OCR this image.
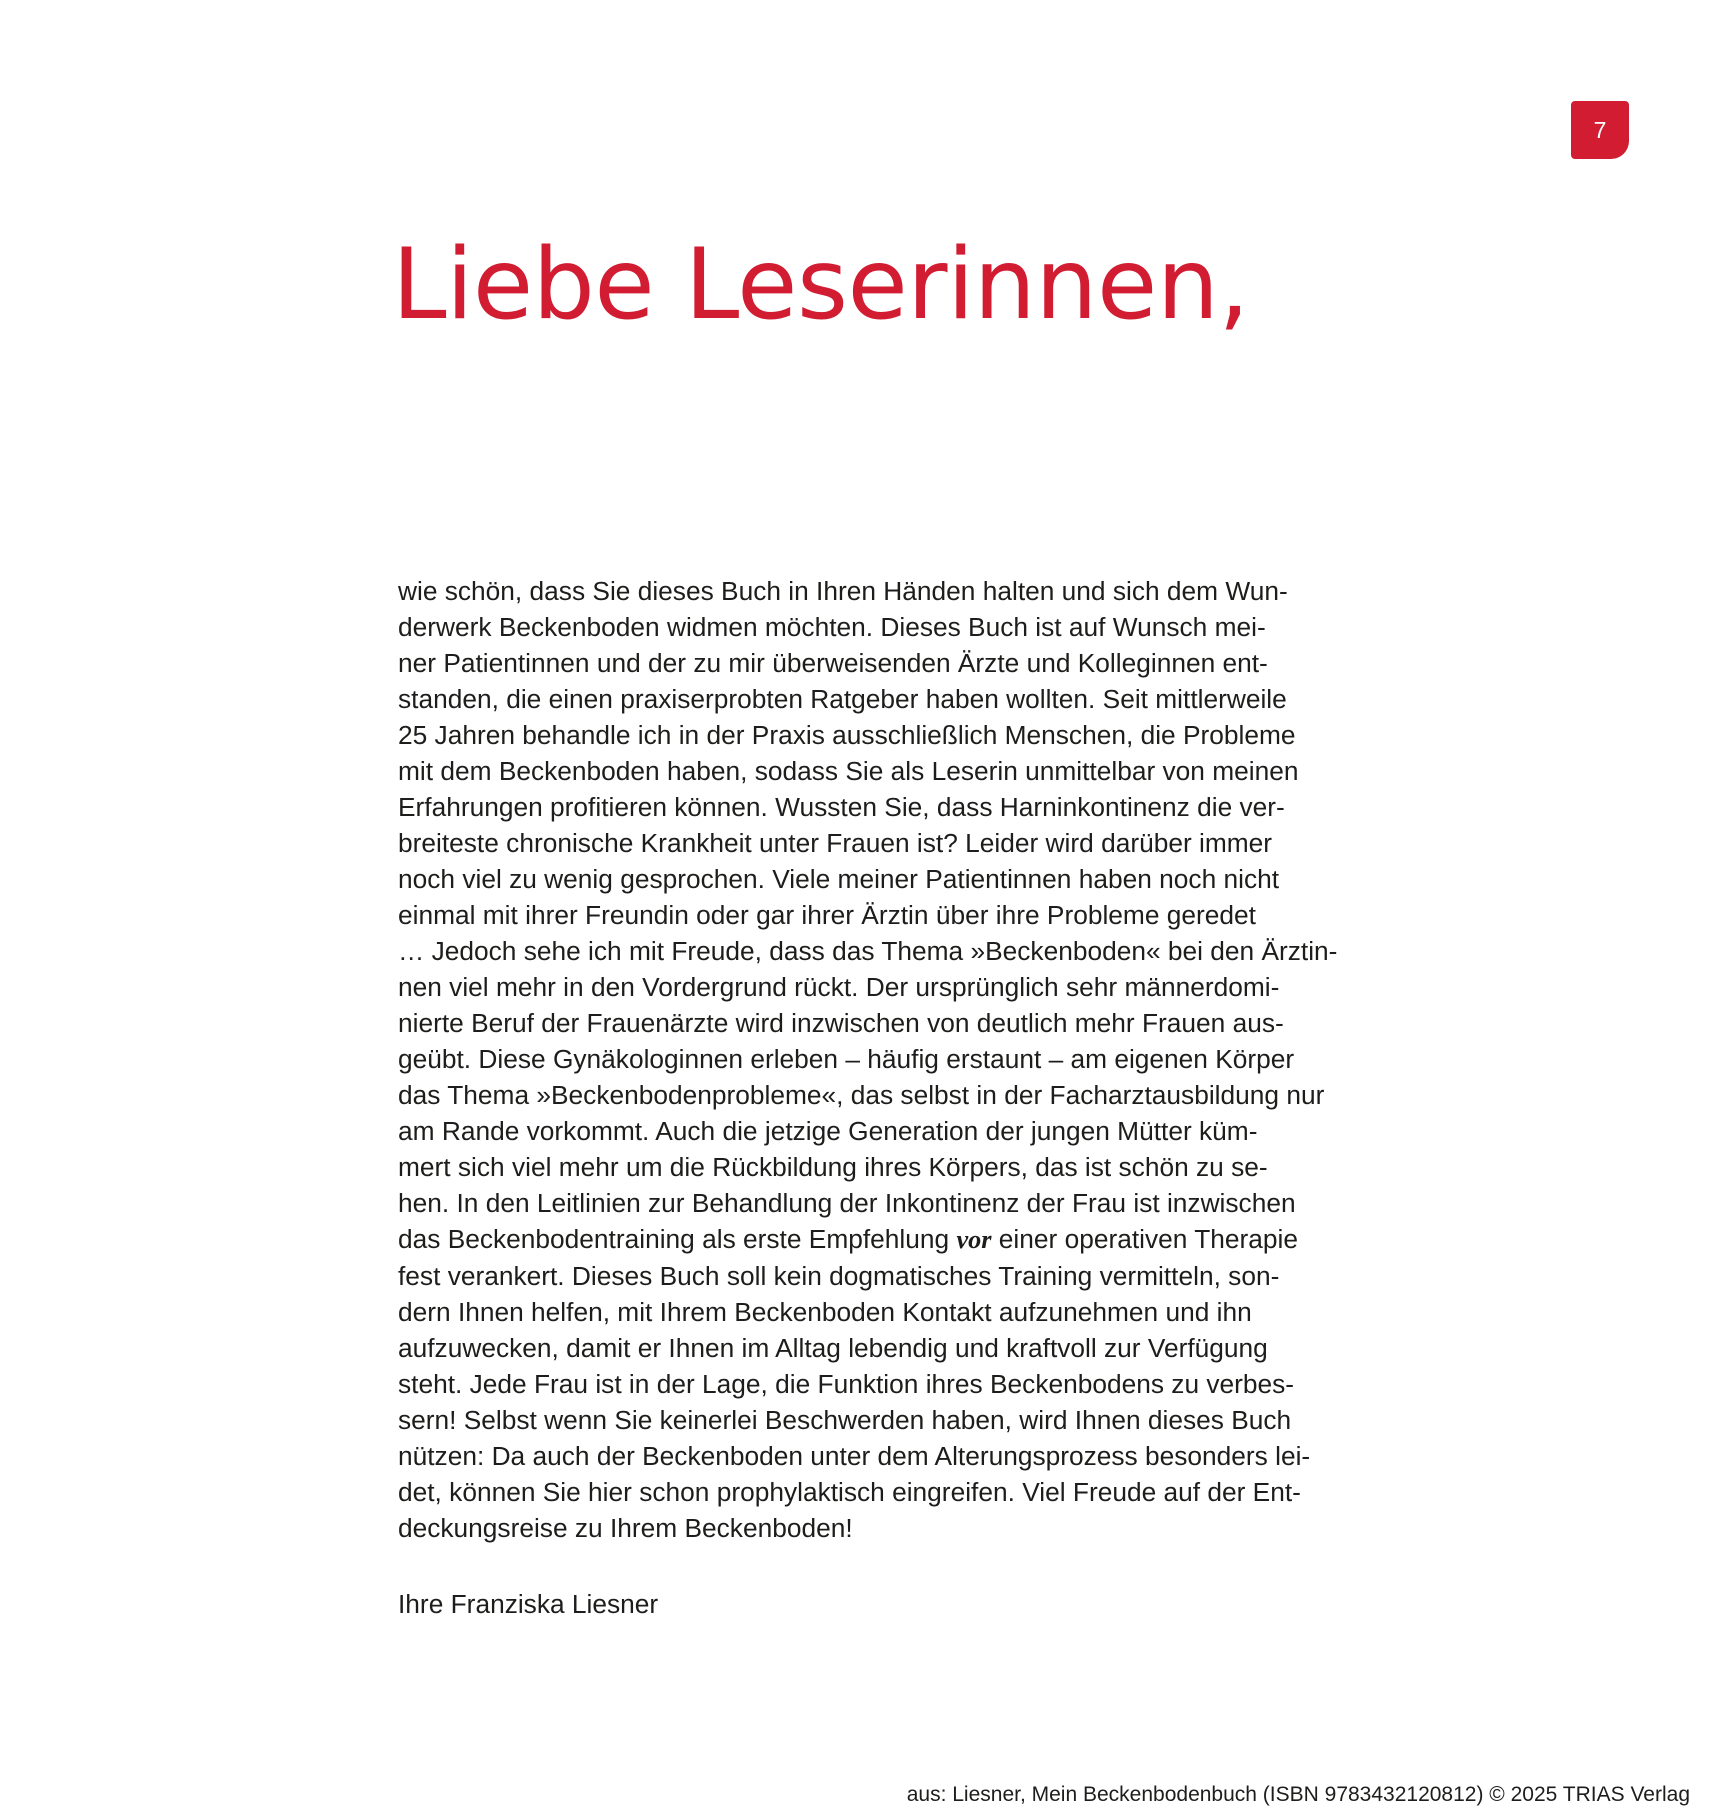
7
Liebe Leserinnen,
wie schön, dass Sie dieses Buch in Ihren Händen halten und sich dem Wun-
derwerk Beckenboden widmen möchten. Dieses Buch ist auf Wunsch mei-
ner Patientinnen und der zu mir überweisenden Ärzte und Kolleginnen ent-
standen, die einen praxiserprobten Ratgeber haben wollten. Seit mittlerweile
25 Jahren behandle ich in der Praxis ausschließlich Menschen, die Probleme
mit dem Beckenboden haben, sodass Sie als Leserin unmittelbar von meinen
Erfahrungen profitieren können. Wussten Sie, dass Harninkontinenz die ver-
breiteste chronische Krankheit unter Frauen ist? Leider wird darüber immer
noch viel zu wenig gesprochen. Viele meiner Patientinnen haben noch nicht
einmal mit ihrer Freundin oder gar ihrer Ärztin über ihre Probleme geredet
… Jedoch sehe ich mit Freude, dass das Thema »Beckenboden« bei den Ärztin-
nen viel mehr in den Vordergrund rückt. Der ursprünglich sehr männerdomi-
nierte Beruf der Frauenärzte wird inzwischen von deutlich mehr Frauen aus-
geübt. Diese Gynäkologinnen erleben – häufig erstaunt – am eigenen Körper
das Thema »Beckenbodenprobleme«, das selbst in der Facharztausbildung nur
am Rande vorkommt. Auch die jetzige Generation der jungen Mütter küm-
mert sich viel mehr um die Rückbildung ihres Körpers, das ist schön zu se-
hen. In den Leitlinien zur Behandlung der Inkontinenz der Frau ist inzwischen
das Beckenbodentraining als erste Empfehlung vor einer operativen Therapie
fest verankert. Dieses Buch soll kein dogmatisches Training vermitteln, son-
dern Ihnen helfen, mit Ihrem Beckenboden Kontakt aufzunehmen und ihn
aufzuwecken, damit er Ihnen im Alltag lebendig und kraftvoll zur Verfügung
steht. Jede Frau ist in der Lage, die Funktion ihres Beckenbodens zu verbes-
sern! Selbst wenn Sie keinerlei Beschwerden haben, wird Ihnen dieses Buch
nützen: Da auch der Beckenboden unter dem Alterungsprozess besonders lei-
det, können Sie hier schon prophylaktisch eingreifen. Viel Freude auf der Ent-
deckungsreise zu Ihrem Beckenboden!

Ihre Franziska Liesner

aus: Liesner, Mein Beckenbodenbuch (ISBN 9783432120812) © 2025 TRIAS Verlag
